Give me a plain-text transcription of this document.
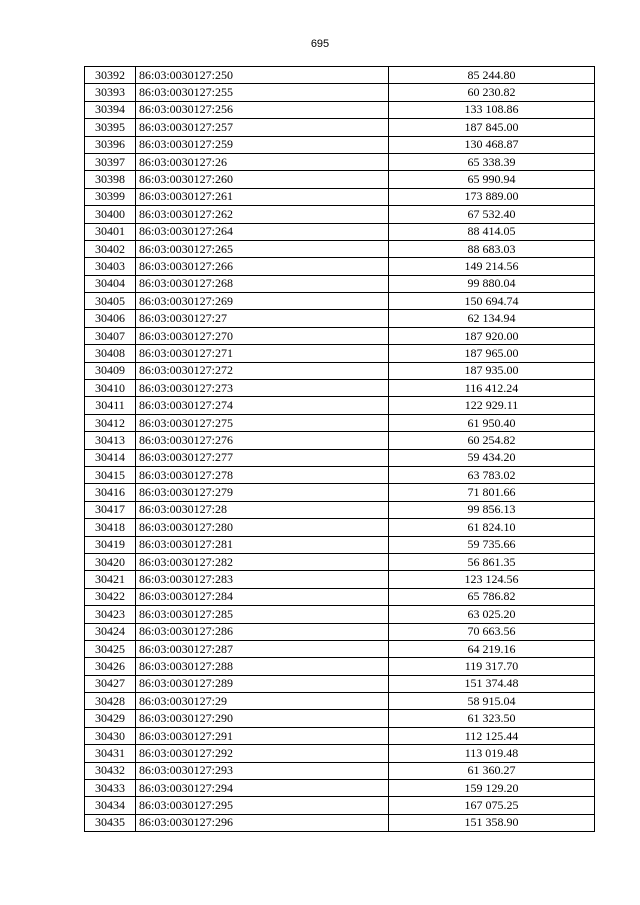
695
30392	86:03:0030127:250	85 244.80
30393	86:03:0030127:255	60 230.82
30394	86:03:0030127:256	133 108.86
30395	86:03:0030127:257	187 845.00
30396	86:03:0030127:259	130 468.87
30397	86:03:0030127:26	65 338.39
30398	86:03:0030127:260	65 990.94
30399	86:03:0030127:261	173 889.00
30400	86:03:0030127:262	67 532.40
30401	86:03:0030127:264	88 414.05
30402	86:03:0030127:265	88 683.03
30403	86:03:0030127:266	149 214.56
30404	86:03:0030127:268	99 880.04
30405	86:03:0030127:269	150 694.74
30406	86:03:0030127:27	62 134.94
30407	86:03:0030127:270	187 920.00
30408	86:03:0030127:271	187 965.00
30409	86:03:0030127:272	187 935.00
30410	86:03:0030127:273	116 412.24
30411	86:03:0030127:274	122 929.11
30412	86:03:0030127:275	61 950.40
30413	86:03:0030127:276	60 254.82
30414	86:03:0030127:277	59 434.20
30415	86:03:0030127:278	63 783.02
30416	86:03:0030127:279	71 801.66
30417	86:03:0030127:28	99 856.13
30418	86:03:0030127:280	61 824.10
30419	86:03:0030127:281	59 735.66
30420	86:03:0030127:282	56 861.35
30421	86:03:0030127:283	123 124.56
30422	86:03:0030127:284	65 786.82
30423	86:03:0030127:285	63 025.20
30424	86:03:0030127:286	70 663.56
30425	86:03:0030127:287	64 219.16
30426	86:03:0030127:288	119 317.70
30427	86:03:0030127:289	151 374.48
30428	86:03:0030127:29	58 915.04
30429	86:03:0030127:290	61 323.50
30430	86:03:0030127:291	112 125.44
30431	86:03:0030127:292	113 019.48
30432	86:03:0030127:293	61 360.27
30433	86:03:0030127:294	159 129.20
30434	86:03:0030127:295	167 075.25
30435	86:03:0030127:296	151 358.90
